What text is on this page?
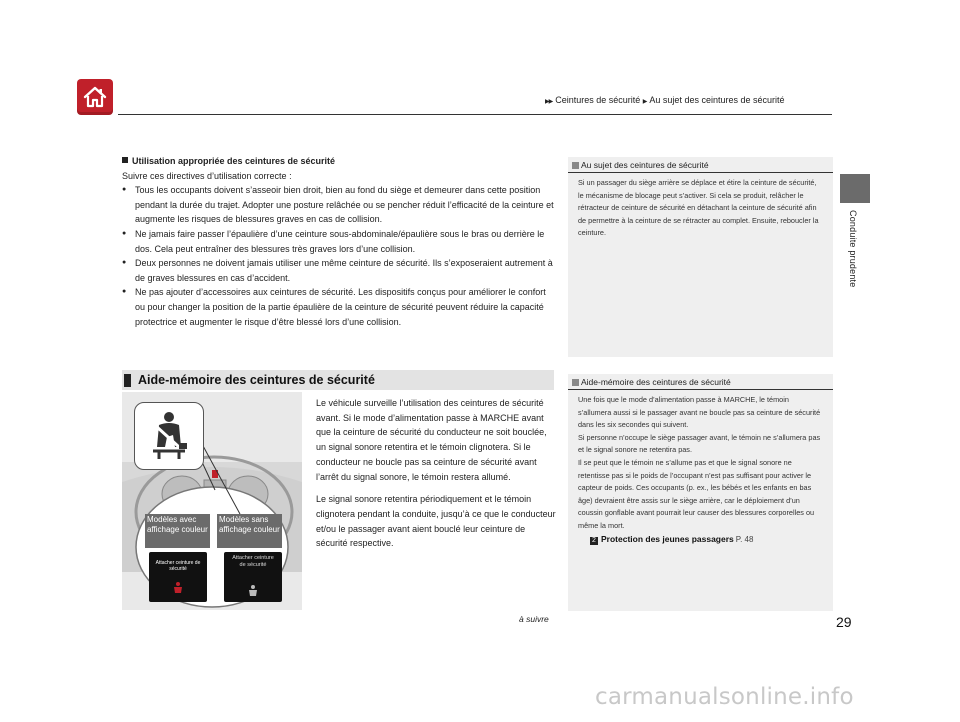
▶▶ Ceintures de sécurité ▶ Au sujet des ceintures de sécurité
Conduite prudente
Utilisation appropriée des ceintures de sécurité
Suivre ces directives d’utilisation correcte :
● Tous les occupants doivent s’asseoir bien droit, bien au fond du siège et demeurer dans cette position pendant la durée du trajet. Adopter une posture relâchée ou se pencher réduit l’efficacité de la ceinture et augmente les risques de blessures graves en cas de collision.
● Ne jamais faire passer l’épaulière d’une ceinture sous-abdominale/épaulière sous le bras ou derrière le dos. Cela peut entraîner des blessures très graves lors d’une collision.
● Deux personnes ne doivent jamais utiliser une même ceinture de sécurité. Ils s’exposeraient autrement à de graves blessures en cas d’accident.
● Ne pas ajouter d’accessoires aux ceintures de sécurité. Les dispositifs conçus pour améliorer le confort ou pour changer la position de la partie épaulière de la ceinture de sécurité peuvent réduire la capacité protectrice et augmenter le risque d’être blessé lors d’une collision.
Au sujet des ceintures de sécurité

Si un passager du siège arrière se déplace et étire la ceinture de sécurité, le mécanisme de blocage peut s’activer. Si cela se produit, relâcher le rétracteur de ceinture de sécurité en détachant la ceinture de sécurité afin de permettre à la ceinture de se rétracter au complet. Ensuite, reboucler la ceinture.

Aide-mémoire des ceintures de sécurité
Modèles avec affichage couleur
Modèles sans affichage couleur
Attacher ceinture de sécurité
Attacher ceinture de sécurité

Le véhicule surveille l’utilisation des ceintures de sécurité avant. Si le mode d’alimentation passe à MARCHE avant que la ceinture de sécurité du conducteur ne soit bouclée, un signal sonore retentira et le témoin clignotera. Si le conducteur ne boucle pas sa ceinture de sécurité avant l’arrêt du signal sonore, le témoin restera allumé.

Le signal sonore retentira périodiquement et le témoin clignotera pendant la conduite, jusqu’à ce que le conducteur et/ou le passager avant aient bouclé leur ceinture de sécurité respective.

Aide-mémoire des ceintures de sécurité

Une fois que le mode d’alimentation passe à MARCHE, le témoin s’allumera aussi si le passager avant ne boucle pas sa ceinture de sécurité dans les six secondes qui suivent.

Si personne n’occupe le siège passager avant, le témoin ne s’allumera pas et le signal sonore ne retentira pas.

Il se peut que le témoin ne s’allume pas et que le signal sonore ne retentisse pas si le poids de l’occupant n’est pas suffisant pour activer le capteur de poids. Ces occupants (p. ex., les bébés et les enfants en bas âge) devraient être assis sur le siège arrière, car le déploiement d’un coussin gonflable avant pourrait leur causer des blessures corporelles ou même la mort.

2 Protection des jeunes passagers P. 48

à suivre	29
carmanualsonline.info
